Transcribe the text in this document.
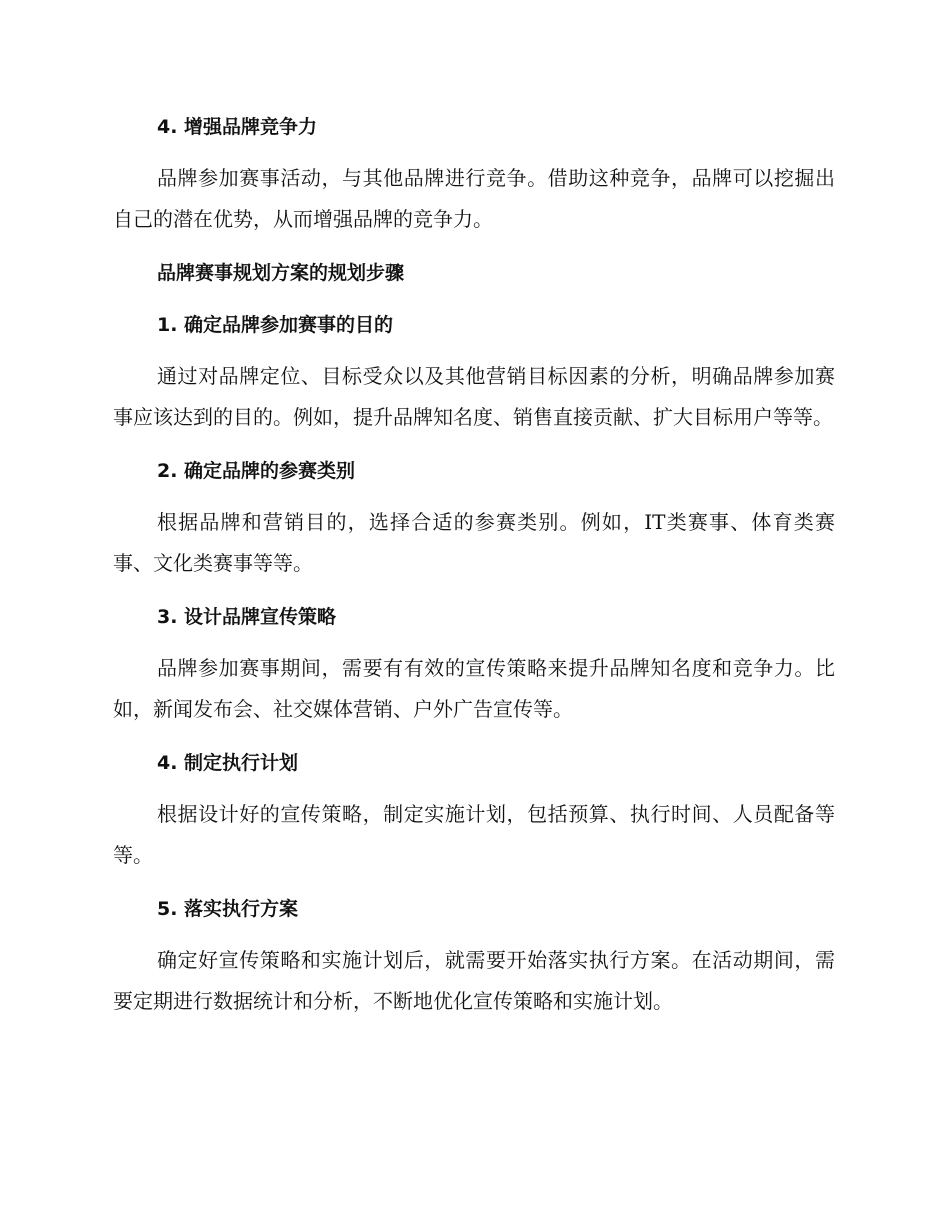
4. 增强品牌竞争力

品牌参加赛事活动，与其他品牌进行竞争。借助这种竞争，品牌可以挖掘出自己的潜在优势，从而增强品牌的竞争力。

品牌赛事规划方案的规划步骤
1. 确定品牌参加赛事的目的

通过对品牌定位、目标受众以及其他营销目标因素的分析，明确品牌参加赛事应该达到的目的。例如，提升品牌知名度、销售直接贡献、扩大目标用户等等。

2. 确定品牌的参赛类别

根据品牌和营销目的，选择合适的参赛类别。例如，IT类赛事、体育类赛事、文化类赛事等等。

3. 设计品牌宣传策略

品牌参加赛事期间，需要有有效的宣传策略来提升品牌知名度和竞争力。比如，新闻发布会、社交媒体营销、户外广告宣传等。

4. 制定执行计划

根据设计好的宣传策略，制定实施计划，包括预算、执行时间、人员配备等等。

5. 落实执行方案

确定好宣传策略和实施计划后，就需要开始落实执行方案。在活动期间，需要定期进行数据统计和分析，不断地优化宣传策略和实施计划。
